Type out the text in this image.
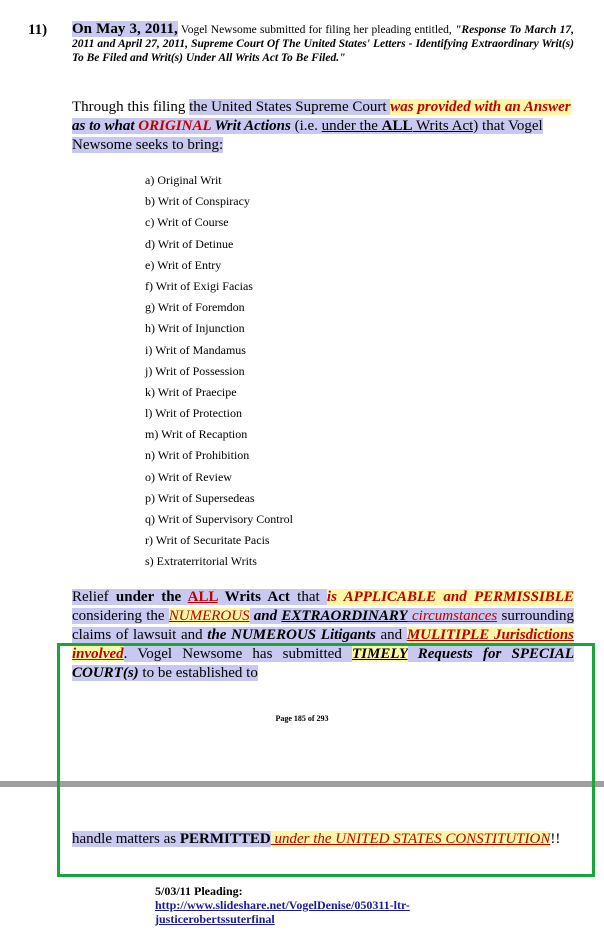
11) On May 3, 2011, Vogel Newsome submitted for filing her pleading entitled, "Response To March 17, 2011 and April 27, 2011, Supreme Court Of The United States' Letters - Identifying Extraordinary Writ(s) To Be Filed and Writ(s) Under All Writs Act To Be Filed."
Through this filing the United States Supreme Court was provided with an Answer as to what ORIGINAL Writ Actions (i.e. under the ALL Writs Act) that Vogel Newsome seeks to bring:
a) Original Writ
b) Writ of Conspiracy
c) Writ of Course
d) Writ of Detinue
e) Writ of Entry
f) Writ of Exigi Facias
g) Writ of Foremdon
h) Writ of Injunction
i) Writ of Mandamus
j) Writ of Possession
k) Writ of Praecipe
l) Writ of Protection
m) Writ of Recaption
n) Writ of Prohibition
o) Writ of Review
p) Writ of Supersedeas
q) Writ of Supervisory Control
r) Writ of Securitate Pacis
s) Extraterritorial Writs
Relief under the ALL Writs Act that is APPLICABLE and PERMISSIBLE considering the NUMEROUS and EXTRAORDINARY circumstances surrounding claims of lawsuit and the NUMEROUS Litigants and MULITIPLE Jurisdictions involved. Vogel Newsome has submitted TIMELY Requests for SPECIAL COURT(s) to be established to
Page 185 of 293
handle matters as PERMITTED under the UNITED STATES CONSTITUTION!!
5/03/11 Pleading:
http://www.slideshare.net/VogelDenise/050311-ltr-
justicerobertssuterfinal
